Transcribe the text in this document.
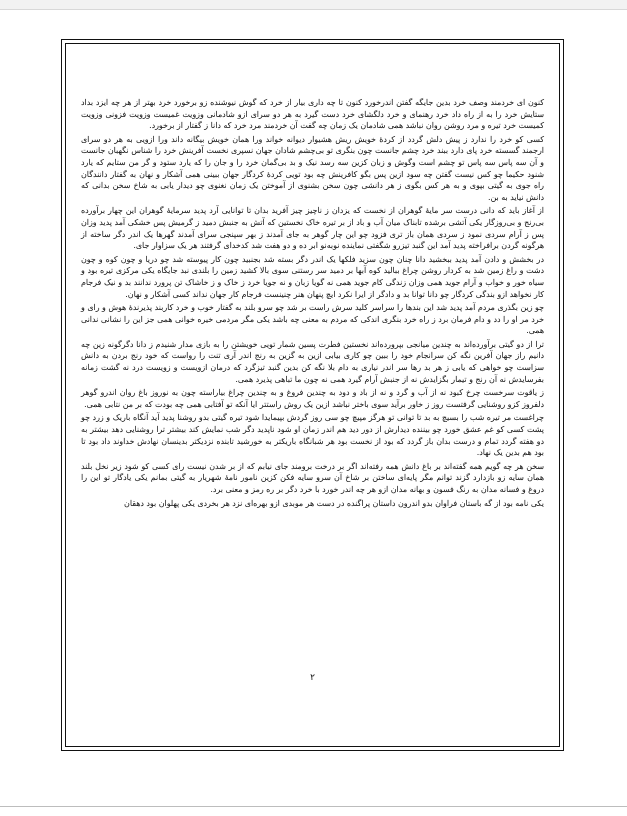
کنون ای خردمند وصف خرد بدین جایگه گفتن اندرخورد کنون تا چه داری بیار از خرد که گوش نیوشنده زو برخورد خرد بهتر از هر چه ایزد بداد ستایش خرد را به از راه داد خرد رهنمای و خرد دلگشای خرد دست گیرد به هر دو سرای ازو شادمانی وزویت غمیست وزویت فزونی وزویت کمیست خرد تیره و مرد روشن روان نباشد همی شادمان یک زمان چه گفت آن خردمند مرد خرد که دانا ز گفتار از برخورد.

کسی کو خرد را ندارد ز پیش دلش گردد از کردهٔ خویش ریش هشیوار دیوانه خواند ورا همان خویش بیگانه داند ورا ازویی به هر دو سرای ارجمند گسسته خرد پای دارد ببند خرد چشم جانست چون بنگری تو بی‌چشم شادان جهان نسپری نخست آفرینش خرد را شناس نگهبان جانست و آن سه پاس سه پاس تو چشم است وگوش و زبان کزین سه رسد نیک و بد بی‌گمان خرد را و جان را که یارد ستود و گر من ستایم که یارد شنود حکیما چو کس نیست گفتن چه سود ازین پس بگو کافرینش چه بود تویی کردهٔ کردگار جهان ببینی همی آشکار و نهان به گفتار دانندگان راه جوی به گیتی بپوی و به هر کس بگوی ز هر دانشی چون سخن بشنوی از آموختن یک زمان نغنوی چو دیدار یابی به شاخ سخن بدانی که دانش نیاید به بن.

از آغاز باید که دانی درست سر مایهٔ گوهران از نخست که یزدان ز ناچیز چیز آفرید بدان تا توانایی آرد پدید سرمایهٔ گوهران این چهار برآورده بی‌رنج و بی‌روزگار یکی آتشی برشده تابناک میان آب و باد از بر تیره خاک نخستین که آتش به جنبش دمید ز گرمیش پس خشکی آمد پدید وزان پس ز آرام سردی نمود ز سردی همان باز تری فزود چو این چار گوهر به جای آمدند ز بهر سپنجی سرای آمدند گهرها یک اندر دگر ساخته از هرگونه گردن برافراخته پدید آمد این گنبد تیزرو شگفتی نماینده نوبه‌نو ابر ده و دو هفت شد کدخدای گرفتند هر یک سزاوار جای.

در بخشش و دادن آمد پدید ببخشید دانا چنان چون سزید فلکها یک اندر دگر بسته شد بجنبید چون کار پیوسته شد چو دریا و چون کوه و چون دشت و راغ زمین شد به کردار روشن چراغ ببالید کوه آبها بر دمید سر رستنی سوی بالا کشید زمین را بلندی نبد جایگاه یکی مرکزی تیره بود و سیاه خور و خواب و آرام جوید همی وزان زندگی کام جوید همی نه گویا زبان و نه جویا خرد ز خاک و ز خاشاک تن پرورد ندانند بد و نیک فرجام کار نخواهد ازو بندگی کردگار چو دانا توانا بد و دادگر از ایرا نکرد ایچ پنهان هنر چنینست فرجام کار جهان نداند کسی آشکار و نهان.

چو زین بگذری مردم آمد پدید شد این بندها را سراسر کلید سرش راست بر شد چو سرو بلند به گفتار خوب و خرد کاربند پذیرندهٔ هوش و رای و خرد مر او را دد و دام فرمان برد ز راه خرد بنگری اندکی که مردم به معنی چه باشد یکی مگر مردمی خیره خوانی همی جز این را نشانی ندانی همی.

ترا از دو گیتی برآورده‌اند به چندین میانجی بپرورده‌اند نخستین فطرت پسین شمار تویی خویشتن را به بازی مدار شنیدم ز دانا دگرگونه زین چه دانیم راز جهان آفرین نگه کن سرانجام خود را ببین چو کاری بیابی ازین به گزین به رنج اندر آری تنت را رواست که خود رنج بردن به دانش سزاست چو خواهی که یابی ز هر بد رها سر اندر نیاری به دام بلا نگه کن بدین گنبد تیزگرد که درمان ازویست و زویست درد نه گشت زمانه بفرسایدش نه آن رنج و تیمار بگزایدش نه از جنبش آرام گیرد همی نه چون ما تباهی پذیرد همی.

ز یاقوت سرخست چرخ کبود نه از آب و گرد و نه از باد و دود به چندین فروغ و به چندین چراغ بیاراسته چون به نوروز باغ روان اندرو گوهر دلفروز کزو روشنایی گرفتست روز ز خاور برآید سوی باختر نباشد ازین یک روش راستتر ایا آنکه تو آفتابی همی چه بودت که بر من نتابی همی.

چراغست مر تیره شب را بسیچ به بد تا توانی تو هرگز مپیچ چو سی روز گردش بپیمایدا شود تیره گیتی بدو روشنا پدید آید آنگاه باریک و زرد چو پشت کسی کو غم عشق خورد چو بیننده دیدارش از دور دید هم اندر زمان او شود ناپدید دگر شب نمایش کند بیشتر ترا روشنایی دهد بیشتر به دو هفته گردد تمام و درست بدان باز گردد که بود از نخست بود هر شبانگاه باریکتر به خورشید تابنده نزدیکتر بدینسان نهادش خداوند داد بود تا بود هم بدین یک نهاد.

سخن هر چه گویم همه گفته‌اند بر باغ دانش همه رفته‌اند اگر بر درخت برومند جای نیابم که از بر شدن نیست رای کسی کو شود زیر نخل بلند همان سایه زو بازدارد گزند توانم مگر پایه‌ای ساختن بر شاخ آن سرو سایه فکن کزین نامور نامهٔ شهریار به گیتی بمانم یکی یادگار تو این را دروغ و فسانه مدان به رنگ فسون و بهانه مدان ازو هر چه اندر خورد با خرد دگر بر ره رمز و معنی برد.

یکی نامه بود از گه باستان فراوان بدو اندرون داستان پراگنده در دست هر موبدی ازو بهره‌ای نزد هر بخردی یکی پهلوان بود دهقان

۲
